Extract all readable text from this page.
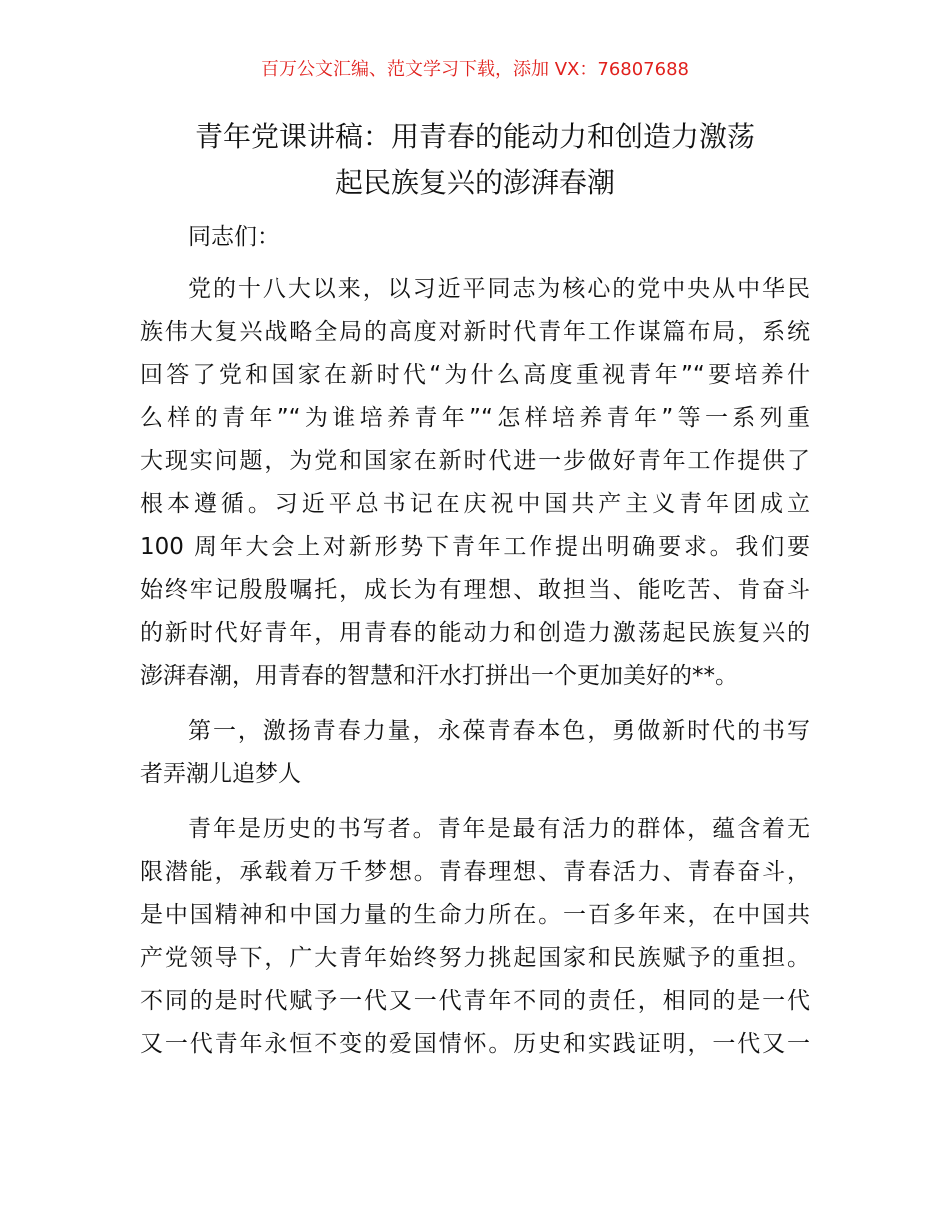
百万公文汇编、范文学习下载，添加 VX：76807688
青年党课讲稿：用青春的能动力和创造力激荡
起民族复兴的澎湃春潮
同志们：
党的十八大以来，以习近平同志为核心的党中央从中华民
族伟大复兴战略全局的高度对新时代青年工作谋篇布局，系统
回答了党和国家在新时代“为什么高度重视青年”“要培养什
么样的青年”“为谁培养青年”“怎样培养青年”等一系列重
大现实问题，为党和国家在新时代进一步做好青年工作提供了
根本遵循。习近平总书记在庆祝中国共产主义青年团成立
100 周年大会上对新形势下青年工作提出明确要求。我们要
始终牢记殷殷嘱托，成长为有理想、敢担当、能吃苦、肯奋斗
的新时代好青年，用青春的能动力和创造力激荡起民族复兴的
澎湃春潮，用青春的智慧和汗水打拼出一个更加美好的**。
第一，激扬青春力量，永葆青春本色，勇做新时代的书写
者弄潮儿追梦人
青年是历史的书写者。青年是最有活力的群体，蕴含着无
限潜能，承载着万千梦想。青春理想、青春活力、青春奋斗，
是中国精神和中国力量的生命力所在。一百多年来，在中国共
产党领导下，广大青年始终努力挑起国家和民族赋予的重担。
不同的是时代赋予一代又一代青年不同的责任，相同的是一代
又一代青年永恒不变的爱国情怀。历史和实践证明，一代又一
